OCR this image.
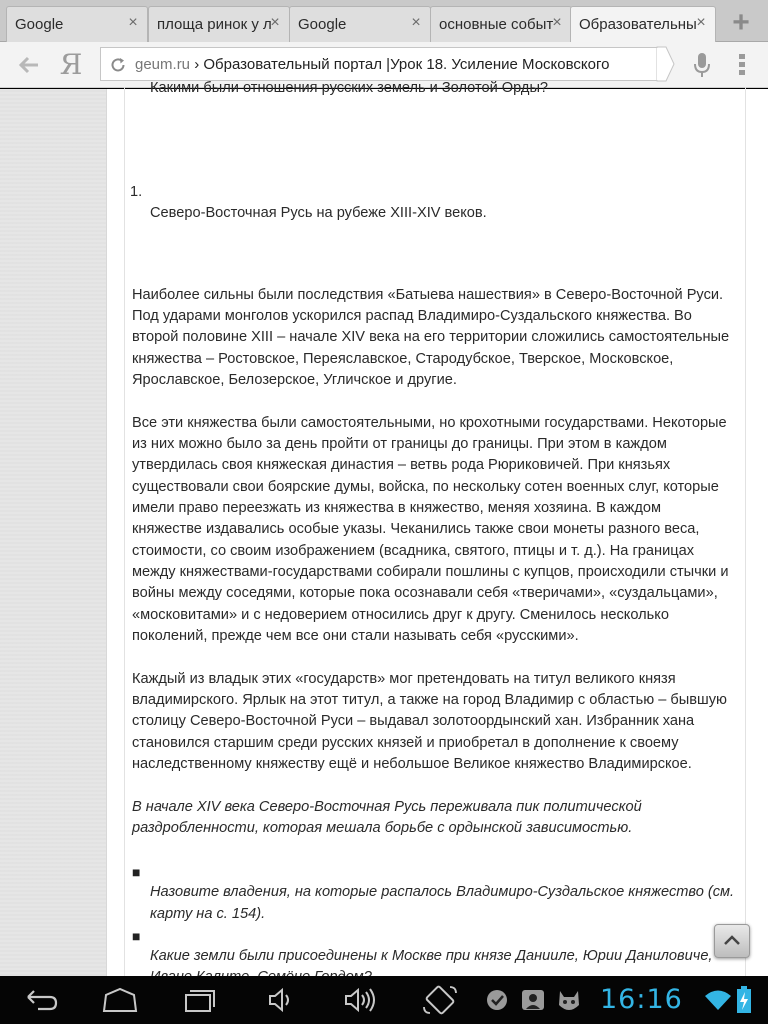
Google	× площа ринок у л
× Google	× основные событ × Образовательны × +
Я	geum.ru › Образовательный портал |Урок 18. Усиление Московского
Какими были отношения русских земель и Золотой Орды?
1.
Северо-Восточная Русь на рубеже XIII-XIV веков.
Наиболее сильны были последствия «Батыева нашествия» в Северо-Восточной Руси.
Под ударами монголов ускорился распад Владимиро-Суздальского княжества. Во
второй половине XIII – начале XIV века на его территории сложились самостоятельные
княжества – Ростовское, Переяславское, Стародубское, Тверское, Московское,
Ярославское, Белозерское, Угличское и другие.
Все эти княжества были самостоятельными, но крохотными государствами. Некоторые
из них можно было за день пройти от границы до границы. При этом в каждом
утвердилась своя княжеская династия – ветвь рода Рюриковичей. При князьях
существовали свои боярские думы, войска, по нескольку сотен военных слуг, которые
имели право переезжать из княжества в княжество, меняя хозяина. В каждом
княжестве издавались особые указы. Чеканились также свои монеты разного веса,
стоимости, со своим изображением (всадника, святого, птицы и т. д.). На границах
между княжествами-государствами собирали пошлины с купцов, происходили стычки и
войны между соседями, которые пока осознавали себя «тверичами», «суздальцами»,
«московитами» и с недоверием относились друг к другу. Сменилось несколько
поколений, прежде чем все они стали называть себя «русскими».
Каждый из владык этих «государств» мог претендовать на титул великого князя
владимирского. Ярлык на этот титул, а также на город Владимир с областью – бывшую
столицу Северо-Восточной Руси – выдавал золотоордынский хан. Избранник хана
становился старшим среди русских князей и приобретал в дополнение к своему
наследственному княжеству ещё и небольшое Великое княжество Владимирское.
В начале XIV века Северо-Восточная Русь переживала пик политической
раздробленности, которая мешала борьбе с ордынской зависимостью.
■
Назовите владения, на которые распалось Владимиро-Суздальское княжество (см.
карту на с. 154).
■
Какие земли были присоединены к Москве при князе Данииле, Юрии Даниловиче,
16:16
